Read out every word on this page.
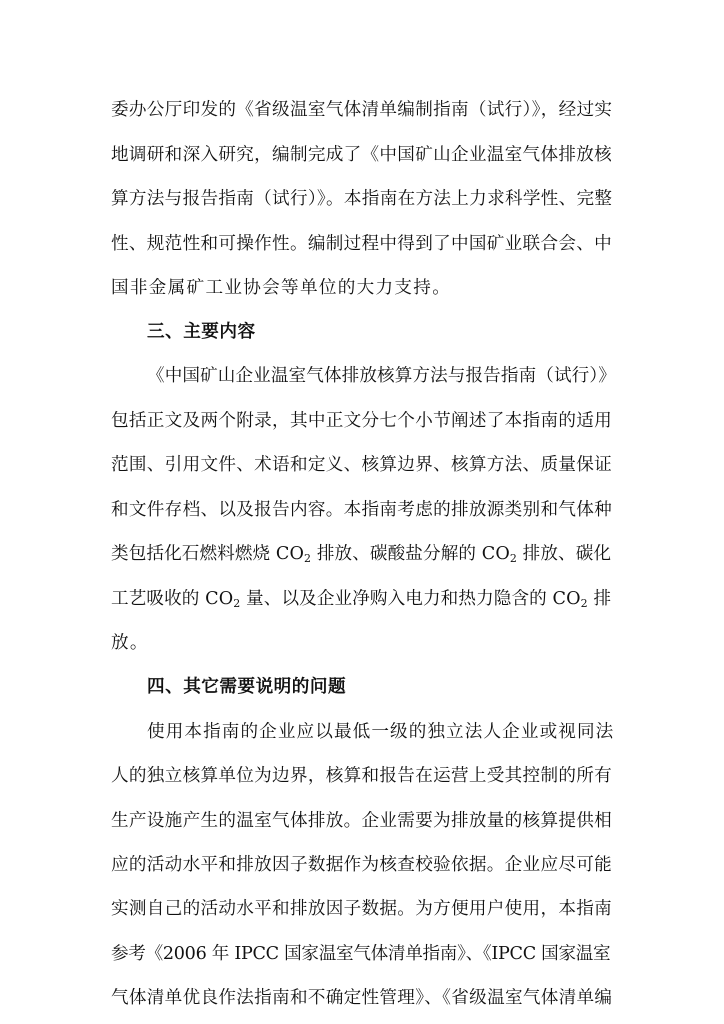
委办公厅印发的《省级温室气体清单编制指南（试行）》，经过实
地调研和深入研究，编制完成了《中国矿山企业温室气体排放核
算方法与报告指南（试行）》。本指南在方法上力求科学性、完整
性、规范性和可操作性。编制过程中得到了中国矿业联合会、中
国非金属矿工业协会等单位的大力支持。
三、主要内容
《中国矿山企业温室气体排放核算方法与报告指南（试行）》
包括正文及两个附录，其中正文分七个小节阐述了本指南的适用
范围、引用文件、术语和定义、核算边界、核算方法、质量保证
和文件存档、以及报告内容。本指南考虑的排放源类别和气体种
类包括化石燃料燃烧 $CO_2$ 排放、碳酸盐分解的 $CO_2$ 排放、碳化
工艺吸收的 $CO_2$ 量、以及企业净购入电力和热力隐含的 $CO_2$ 排
放。
四、其它需要说明的问题
使用本指南的企业应以最低一级的独立法人企业或视同法
人的独立核算单位为边界，核算和报告在运营上受其控制的所有
生产设施产生的温室气体排放。企业需要为排放量的核算提供相
应的活动水平和排放因子数据作为核查校验依据。企业应尽可能
实测自己的活动水平和排放因子数据。为方便用户使用，本指南
参考《2006 年 IPCC 国家温室气体清单指南》、《IPCC 国家温室
气体清单优良作法指南和不确定性管理》、《省级温室气体清单编
